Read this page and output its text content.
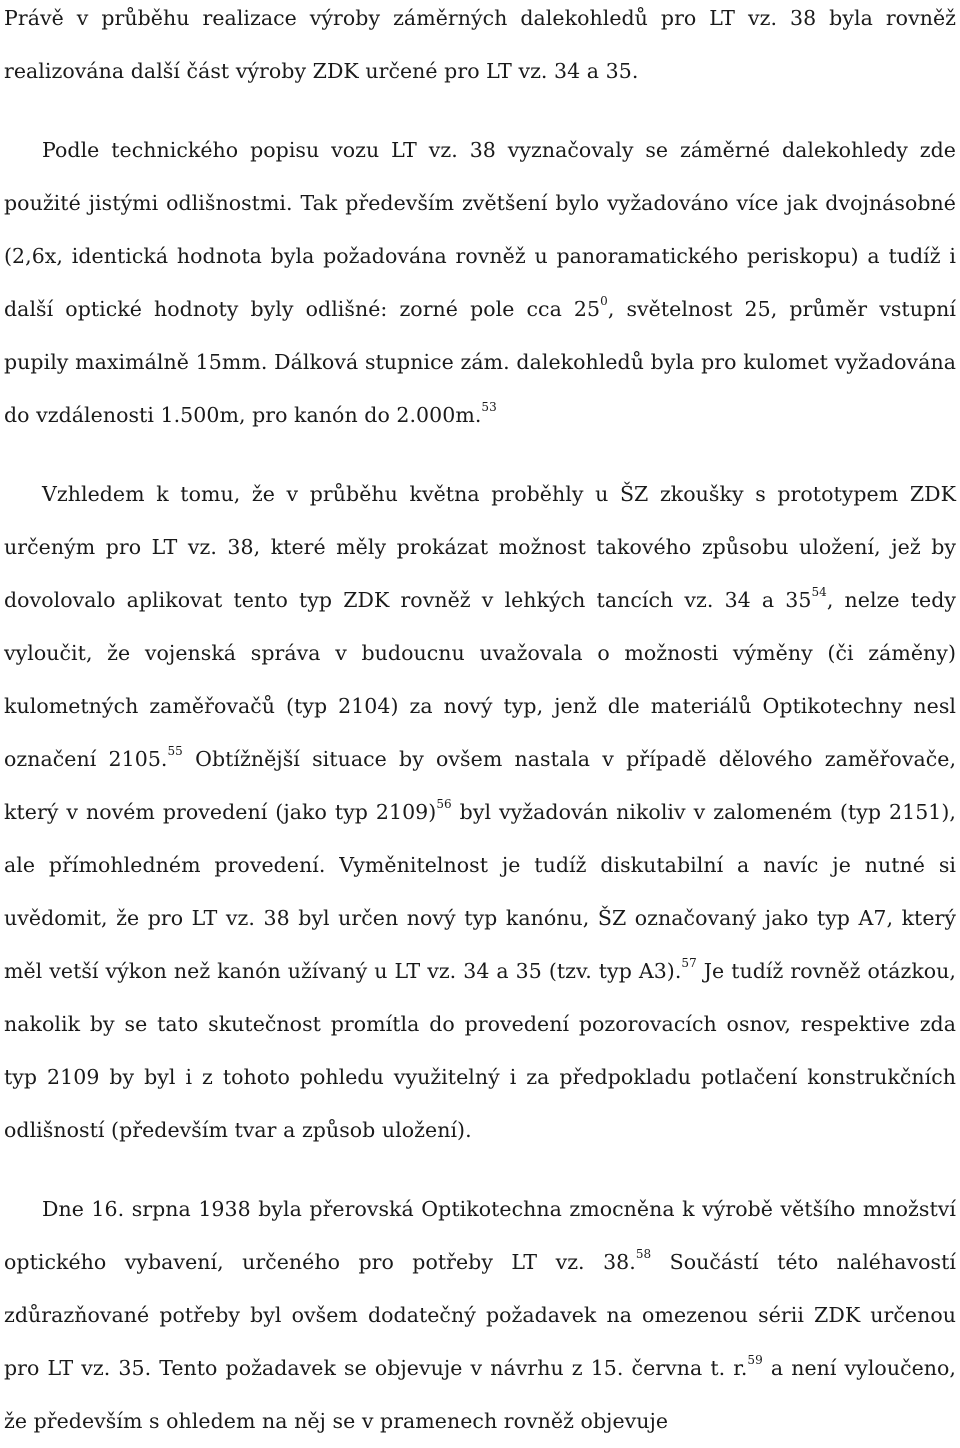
Právě v průběhu realizace výroby záměrných dalekohledů pro LT vz. 38 byla rovněž realizována další část výroby ZDK určené pro LT vz. 34 a 35.

Podle technického popisu vozu LT vz. 38 vyznačovaly se záměrné dalekohledy zde použité jistými odlišnostmi. Tak především zvětšení bylo vyžadováno více jak dvojnásobné (2,6x, identická hodnota byla požadována rovněž u panoramatického periskopu) a tudíž i další optické hodnoty byly odlišné: zorné pole cca $25^0$, světelnost 25, průměr vstupní pupily maximálně 15mm. Dálková stupnice zám. dalekohledů byla pro kulomet vyžadována do vzdálenosti 1.500m, pro kanón do 2.000m.$^{53}$

Vzhledem k tomu, že v průběhu května proběhly u ŠZ zkoušky s prototypem ZDK určeným pro LT vz. 38, které měly prokázat možnost takového způsobu uložení, jež by dovolovalo aplikovat tento typ ZDK rovněž v lehkých tancích vz. 34 a $35^{54}$, nelze tedy vyloučit, že vojenská správa v budoucnu uvažovala o možnosti výměny (či záměny) kulometných zaměřovačů (typ 2104) za nový typ, jenž dle materiálů Optikotechny nesl označení 2105.55 Obtížnější situace by ovšem nastala v případě dělového zaměřovače, který v novém provedení (jako typ 2109)$^{56}$ byl vyžadován nikoliv v zalomeném (typ 2151), ale přímohledném provedení. Vyměnitelnost je tudíž diskutabilní a navíc je nutné si uvědomit, že pro LT vz. 38 byl určen nový typ kanónu, ŠZ označovaný jako typ A7, který měl vetší výkon než kanón užívaný u LT vz. 34 a 35 (tzv. typ A3).$^{57}$ Je tudíž rovněž otázkou, nakolik by se tato skutečnost promítla do provedení pozorovacích osnov, respektive zda typ 2109 by byl i z tohoto pohledu využitelný i za předpokladu potlačení konstrukčních odlišností (především tvar a způsob uložení).

Dne 16. srpna 1938 byla přerovská Optikotechna zmocněna k výrobě většího množství optického vybavení, určeného pro potřeby LT vz. 38.58 Součástí této naléhavostí zdůrazňované potřeby byl ovšem dodatečný požadavek na omezenou sérii ZDK určenou pro LT vz. 35. Tento požadavek se objevuje v návrhu z 15. června t. r.$^{59}$ a není vyloučeno, že především s ohledem na něj se v pramenech rovněž objevuje
